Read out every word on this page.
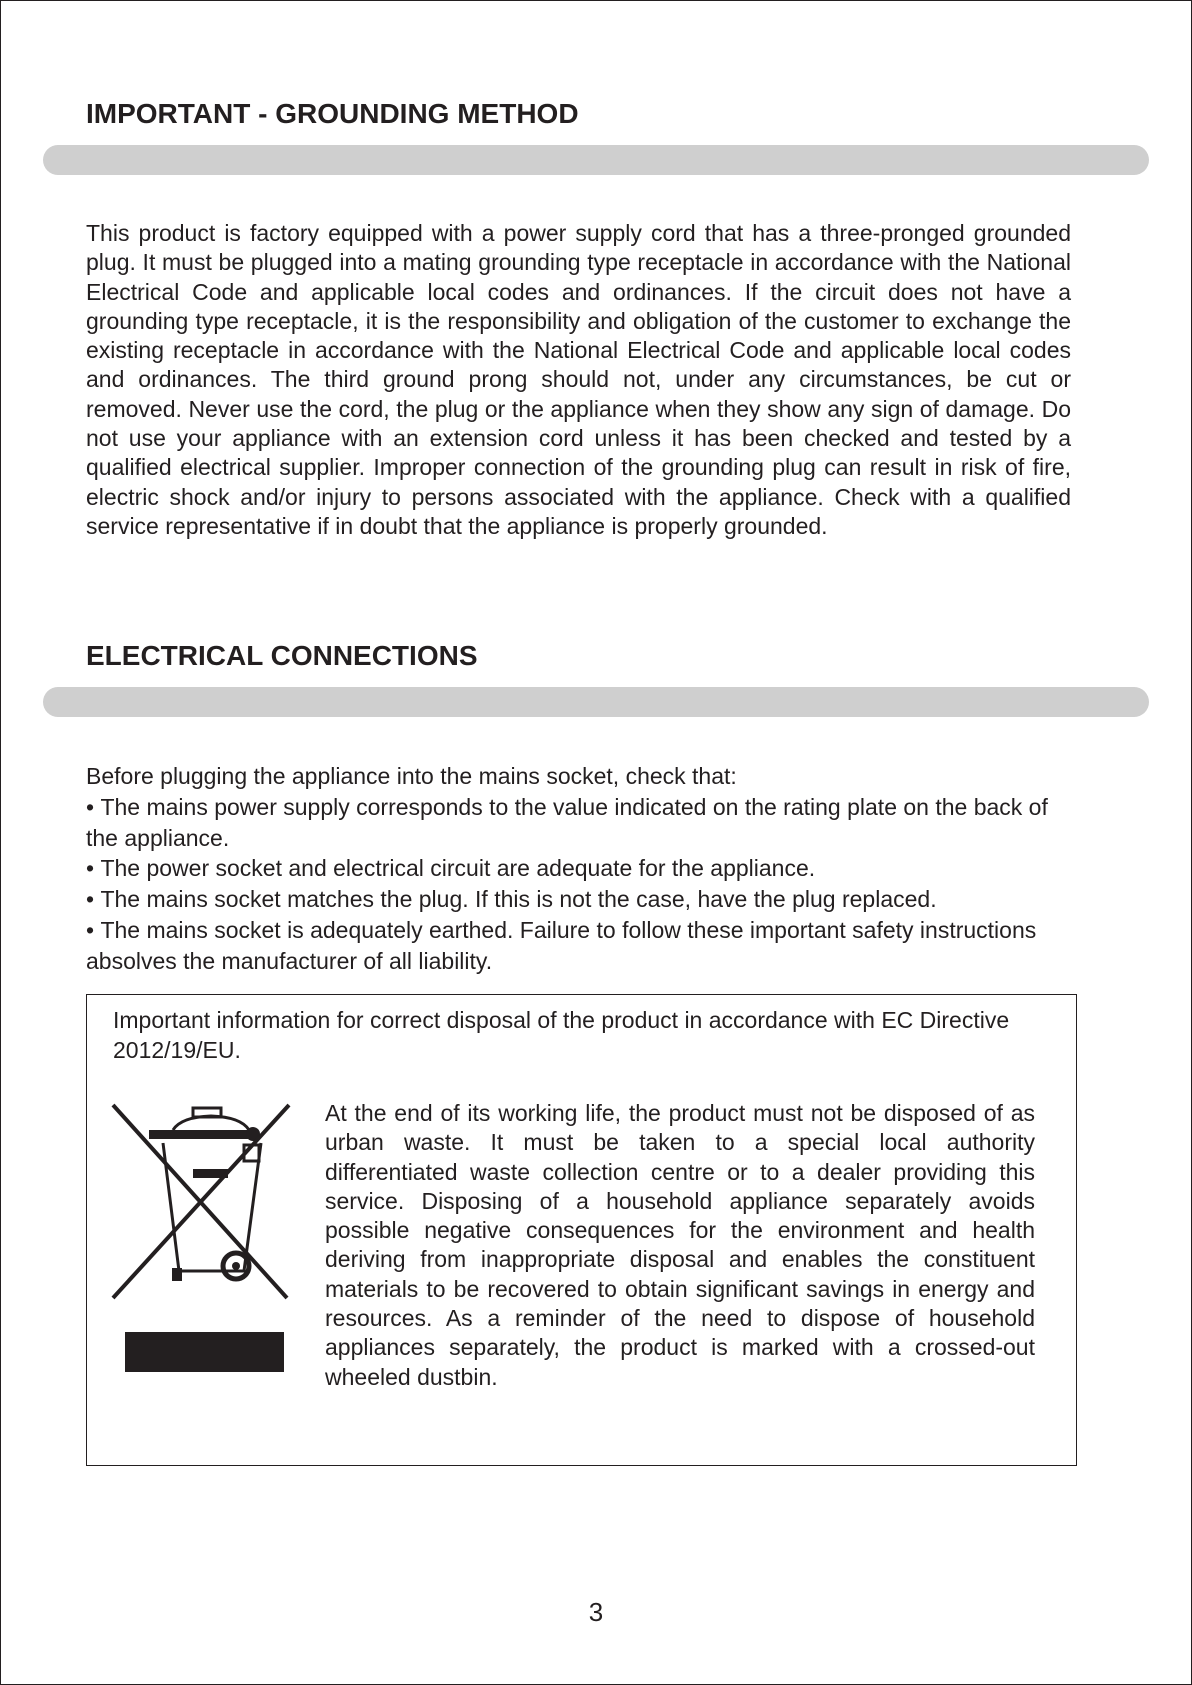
IMPORTANT - GROUNDING METHOD

This product is factory equipped with a power supply cord that has a three-pronged grounded plug. It must be plugged into a mating grounding type receptacle in accordance with the National Electrical Code and applicable local codes and ordinances. If the circuit does not have a grounding type receptacle, it is the responsibility and obligation of the customer to exchange the existing receptacle in accordance with the National Electrical Code and applicable local codes and ordinances. The third ground prong should not, under any circumstances, be cut or removed. Never use the cord, the plug or the appliance when they show any sign of damage. Do not use your appliance with an extension cord unless it has been checked and tested by a qualified electrical supplier. Improper connection of the grounding plug can result in risk of fire, electric shock and/or injury to persons associated with the appliance. Check with a qualified service representative if in doubt that the appliance is properly grounded.

ELECTRICAL CONNECTIONS

Before plugging the appliance into the mains socket, check that:

• The mains power supply corresponds to the value indicated on the rating plate on the back of the appliance.

• The power socket and electrical circuit are adequate for the appliance.

• The mains socket matches the plug. If this is not the case, have the plug replaced.

• The mains socket is adequately earthed. Failure to follow these important safety instructions absolves the manufacturer of all liability.

Important information for correct disposal of the product in accordance with EC Directive 2012/19/EU.

At the end of its working life, the product must not be disposed of as urban waste. It must be taken to a special local authority differentiated waste collection centre or to a dealer providing this service. Disposing of a household appliance separately avoids possible negative consequences for the environment and health deriving from inappropriate disposal and enables the constituent materials to be recovered to obtain significant savings in energy and resources. As a reminder of the need to dispose of household appliances separately, the product is marked with a crossed-out wheeled dustbin.

3
